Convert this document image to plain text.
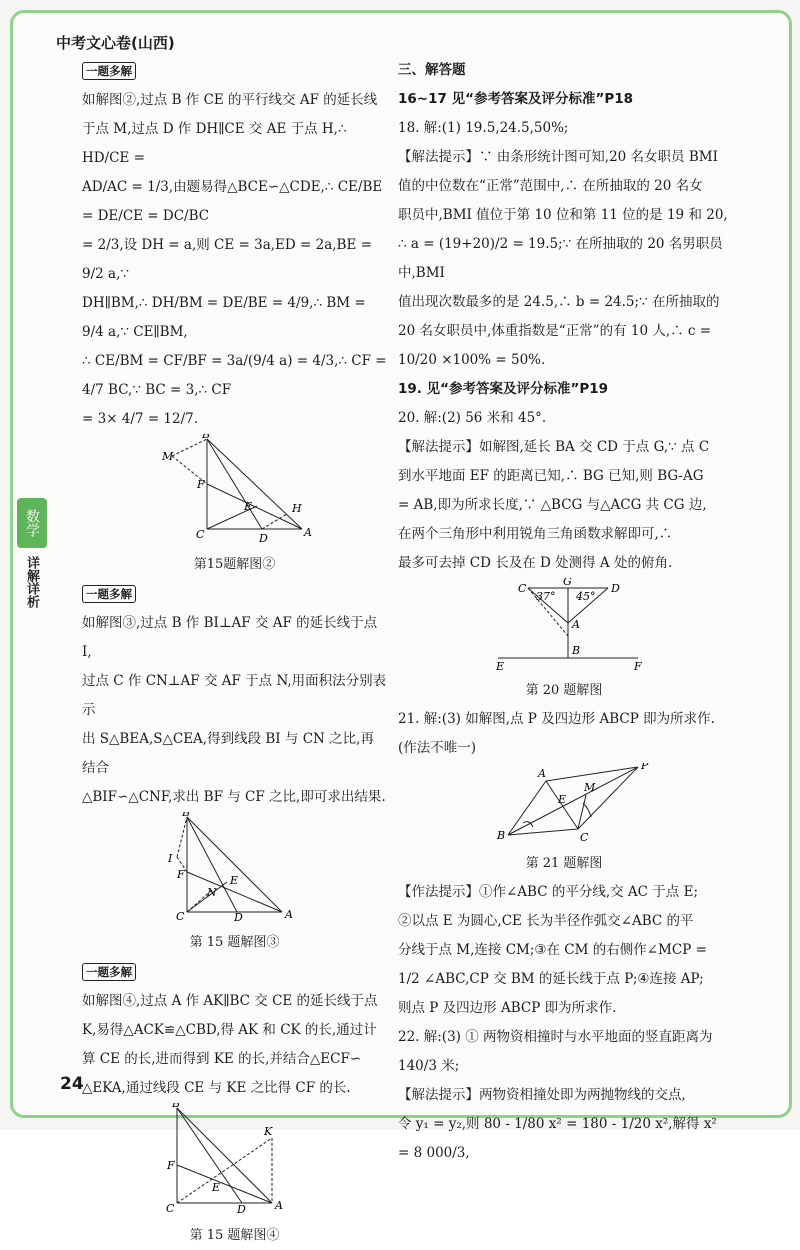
中考文心卷(山西)
数学
详解详析
一题多解

如解图②,过点 B 作 CE 的平行线交 AF 的延长线

于点 M,过点 D 作 DH∥CE 交 AE 于点 H,∴ HD/CE =

AD/AC = 1/3,由题易得△BCE∽△CDE,∴ CE/BE = DE/CE = DC/BC

= 2/3,设 DH = a,则 CE = 3a,ED = 2a,BE = 9/2 a,∵

DH∥BM,∴ DH/BM = DE/BE = 4/9,∴ BM = 9/4 a,∵ CE∥BM,

∴ CE/BM = CF/BF = 3a/(9/4 a) = 4/3,∴ CF = 4/7 BC,∵ BC = 3,∴ CF

= 3× 4/7 = 12/7.

B
M
F
E	H
C	D	A
第15题解图②
一题多解

如解图③,过点 B 作 BI⊥AF 交 AF 的延长线于点 I,

过点 C 作 CN⊥AF 交 AF 于点 N,用面积法分别表示

出 S△BEA,S△CEA,得到线段 BI 与 CN 之比,再结合

△BIF∽△CNF,求出 BF 与 CF 之比,即可求出结果.

B
I
F
N
E
C	D	A
第 15 题解图③
一题多解

如解图④,过点 A 作 AK∥BC 交 CE 的延长线于点

K,易得△ACK≌△CBD,得 AK 和 CK 的长,通过计

算 CE 的长,进而得到 KE 的长,并结合△ECF∽

△EKA,通过线段 CE 与 KE 之比得 CF 的长.

B
K
F
E
C	D	A
第 15 题解图④

三、解答题

16~17 见“参考答案及评分标准”P18

18. 解:(1) 19.5,24.5,50%;

【解法提示】∵ 由条形统计图可知,20 名女职员 BMI

值的中位数在“正常”范围中,∴ 在所抽取的 20 名女

职员中,BMI 值位于第 10 位和第 11 位的是 19 和 20,

∴ a = (19+20)/2 = 19.5;∵ 在所抽取的 20 名男职员中,BMI

值出现次数最多的是 24.5,∴ b = 24.5;∵ 在所抽取的

20 名女职员中,体重指数是“正常”的有 10 人,∴ c =

10/20 ×100% = 50%.

19. 见“参考答案及评分标准”P19

20. 解:(2) 56 米和 45°.

【解法提示】如解图,延长 BA 交 CD 于点 G,∵ 点 C

到水平地面 EF 的距离已知,∴ BG 已知,则 BG-AG

= AB,即为所求长度,∵ △BCG 与△ACG 共 CG 边,

在两个三角形中利用锐角三角函数求解即可,∴

最多可去掉 CD 长及在 D 处测得 A 处的俯角.

C
37°
G
45°
D
A
B
E	F
第 20 题解图

21. 解:(3) 如解图,点 P 及四边形 ABCP 即为所求作.

(作法不唯一)

A
P
E
M
B	C
第 21 题解图

【作法提示】①作∠ABC 的平分线,交 AC 于点 E;

②以点 E 为圆心,CE 长为半径作弧交∠ABC 的平

分线于点 M,连接 CM;③在 CM 的右侧作∠MCP =

1/2 ∠ABC,CP 交 BM 的延长线于点 P;④连接 AP;

则点 P 及四边形 ABCP 即为所求作.

22. 解:(3) ① 两物资相撞时与水平地面的竖直距离为

140/3 米;

【解法提示】两物资相撞处即为两抛物线的交点,

令 y₁ = y₂,则 80 - 1/80 x² = 180 - 1/20 x²,解得 x² = 8 000/3,

24
